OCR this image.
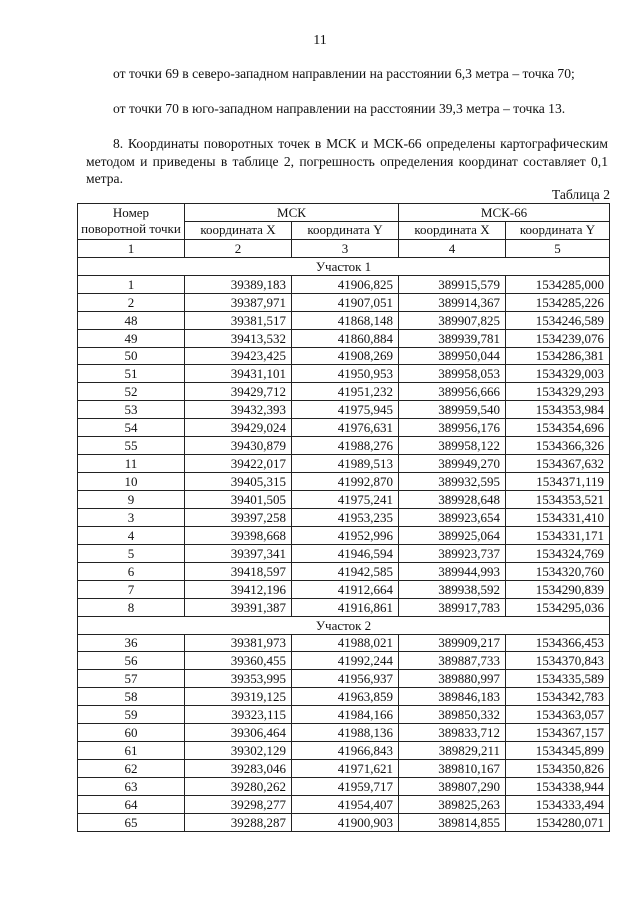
11
от точки 69 в северо-западном направлении на расстоянии 6,3 метра – точка 70;
от точки 70 в юго-западном направлении на расстоянии 39,3 метра – точка 13.
8. Координаты поворотных точек в МСК и МСК-66 определены картографическим методом и приведены в таблице 2, погрешность определения координат составляет 0,1 метра.
Таблица 2
Номер поворотной точки	МСК		МСК-66	
	координата X	координата Y	координата X	координата Y
1	2	3	4	5
Участок 1				
1	39389,183	41906,825	389915,579	1534285,000
2	39387,971	41907,051	389914,367	1534285,226
48	39381,517	41868,148	389907,825	1534246,589
49	39413,532	41860,884	389939,781	1534239,076
50	39423,425	41908,269	389950,044	1534286,381
51	39431,101	41950,953	389958,053	1534329,003
52	39429,712	41951,232	389956,666	1534329,293
53	39432,393	41975,945	389959,540	1534353,984
54	39429,024	41976,631	389956,176	1534354,696
55	39430,879	41988,276	389958,122	1534366,326
11	39422,017	41989,513	389949,270	1534367,632
10	39405,315	41992,870	389932,595	1534371,119
9	39401,505	41975,241	389928,648	1534353,521
3	39397,258	41953,235	389923,654	1534331,410
4	39398,668	41952,996	389925,064	1534331,171
5	39397,341	41946,594	389923,737	1534324,769
6	39418,597	41942,585	389944,993	1534320,760
7	39412,196	41912,664	389938,592	1534290,839
8	39391,387	41916,861	389917,783	1534295,036
Участок 2				
36	39381,973	41988,021	389909,217	1534366,453
56	39360,455	41992,244	389887,733	1534370,843
57	39353,995	41956,937	389880,997	1534335,589
58	39319,125	41963,859	389846,183	1534342,783
59	39323,115	41984,166	389850,332	1534363,057
60	39306,464	41988,136	389833,712	1534367,157
61	39302,129	41966,843	389829,211	1534345,899
62	39283,046	41971,621	389810,167	1534350,826
63	39280,262	41959,717	389807,290	1534338,944
64	39298,277	41954,407	389825,263	1534333,494
65	39288,287	41900,903	389814,855	1534280,071
